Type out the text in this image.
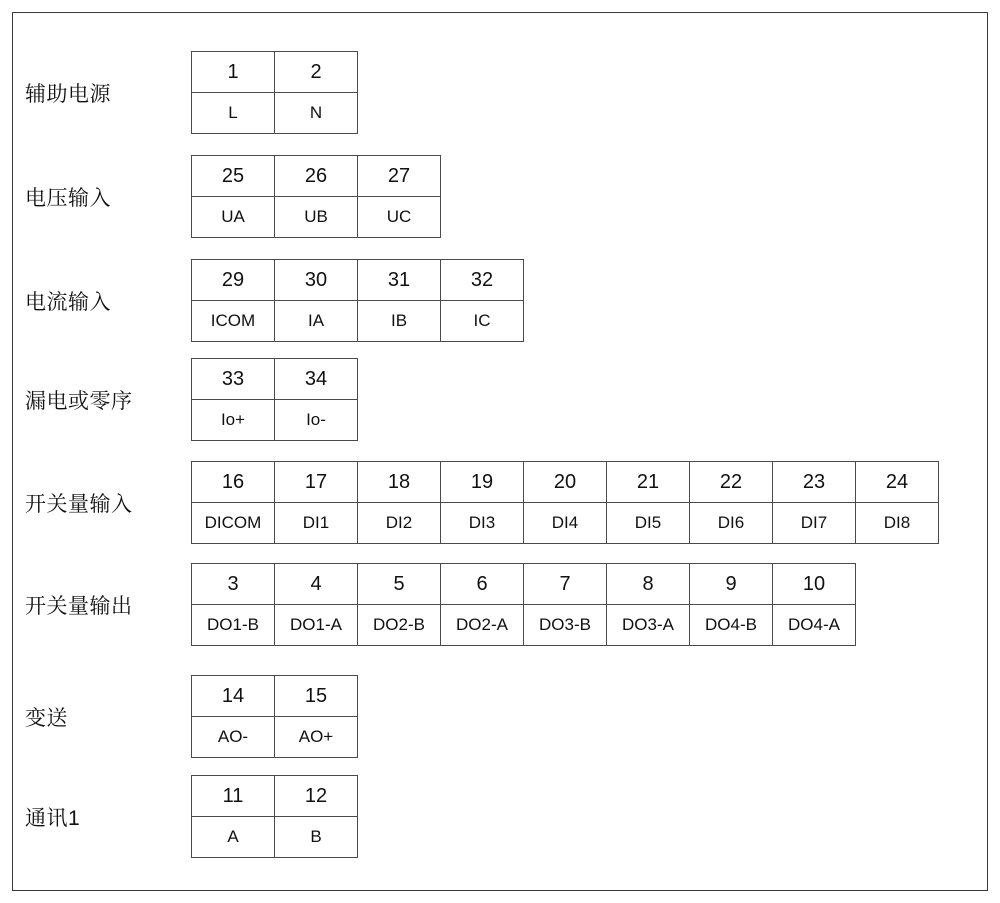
辅助电源
1	2
L	N
电压输入
25	26	27
UA	UB	UC
电流输入
29	30	31	32
ICOM	IA	IB	IC
漏电或零序
33	34
Io+	Io-
开关量输入
16	17	18	19	20	21	22	23	24
DICOM	DI1	DI2	DI3	DI4	DI5	DI6	DI7	DI8
开关量输出
3	4	5	6	7	8	9	10
DO1-B	DO1-A	DO2-B	DO2-A	DO3-B	DO3-A	DO4-B	DO4-A
变送
14	15
AO-	AO+
通讯1
11	12
A	B
